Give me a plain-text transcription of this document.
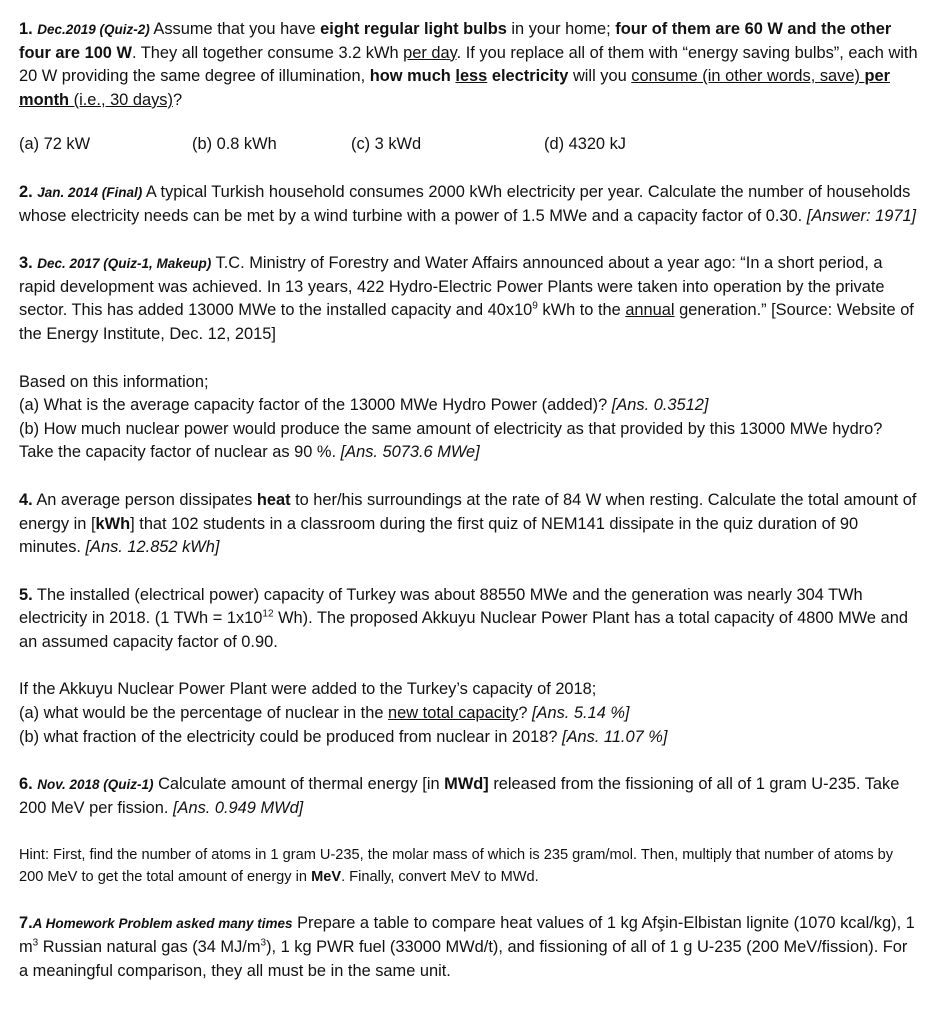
1. Dec.2019 (Quiz-2) Assume that you have eight regular light bulbs in your home; four of them are 60 W and the other four are 100 W. They all together consume 3.2 kWh per day. If you replace all of them with “energy saving bulbs”, each with 20 W providing the same degree of illumination, how much less electricity will you consume (in other words, save) per month (i.e., 30 days)?

(a) 72 kW	(b) 0.8 kWh	(c) 3 kWd	(d) 4320 kJ

2. Jan. 2014 (Final) A typical Turkish household consumes 2000 kWh electricity per year. Calculate the number of households whose electricity needs can be met by a wind turbine with a power of 1.5 MWe and a capacity factor of 0.30. [Answer: 1971]

3. Dec. 2017 (Quiz-1, Makeup) T.C. Ministry of Forestry and Water Affairs announced about a year ago: “In a short period, a rapid development was achieved. In 13 years, 422 Hydro-Electric Power Plants were taken into operation by the private sector. This has added 13000 MWe to the installed capacity and $40x10^9$ kWh to the annual generation.” [Source: Website of the Energy Institute, Dec. 12, 2015]

Based on this information;

(a) What is the average capacity factor of the 13000 MWe Hydro Power (added)? [Ans. 0.3512]

(b) How much nuclear power would produce the same amount of electricity as that provided by this 13000 MWe hydro? Take the capacity factor of nuclear as 90 %. [Ans. 5073.6 MWe]

4. An average person dissipates heat to her/his surroundings at the rate of 84 W when resting. Calculate the total amount of energy in [kWh] that 102 students in a classroom during the first quiz of NEM141 dissipate in the quiz duration of 90 minutes. [Ans. 12.852 kWh]

5. The installed (electrical power) capacity of Turkey was about 88550 MWe and the generation was nearly 304 TWh electricity in 2018. (1 TWh = $1x10^{12}$ Wh). The proposed Akkuyu Nuclear Power Plant has a total capacity of 4800 MWe and an assumed capacity factor of 0.90.

If the Akkuyu Nuclear Power Plant were added to the Turkey’s capacity of 2018;

(a) what would be the percentage of nuclear in the new total capacity? [Ans. 5.14 %]

(b) what fraction of the electricity could be produced from nuclear in 2018? [Ans. 11.07 %]

6. Nov. 2018 (Quiz-1) Calculate amount of thermal energy [in MWd] released from the fissioning of all of 1 gram U-235. Take 200 MeV per fission. [Ans. 0.949 MWd]

Hint: First, find the number of atoms in 1 gram U-235, the molar mass of which is 235 gram/mol. Then, multiply that number of atoms by 200 MeV to get the total amount of energy in MeV. Finally, convert MeV to MWd.

7.A Homework Problem asked many times Prepare a table to compare heat values of 1 kg Afşin-Elbistan lignite (1070 kcal/kg), 1 $m^3$ Russian natural gas (34 $MJ/m^3$), 1 kg PWR fuel (33000 MWd/t), and fissioning of all of 1 g U-235 (200 MeV/fission). For a meaningful comparison, they all must be in the same unit.
